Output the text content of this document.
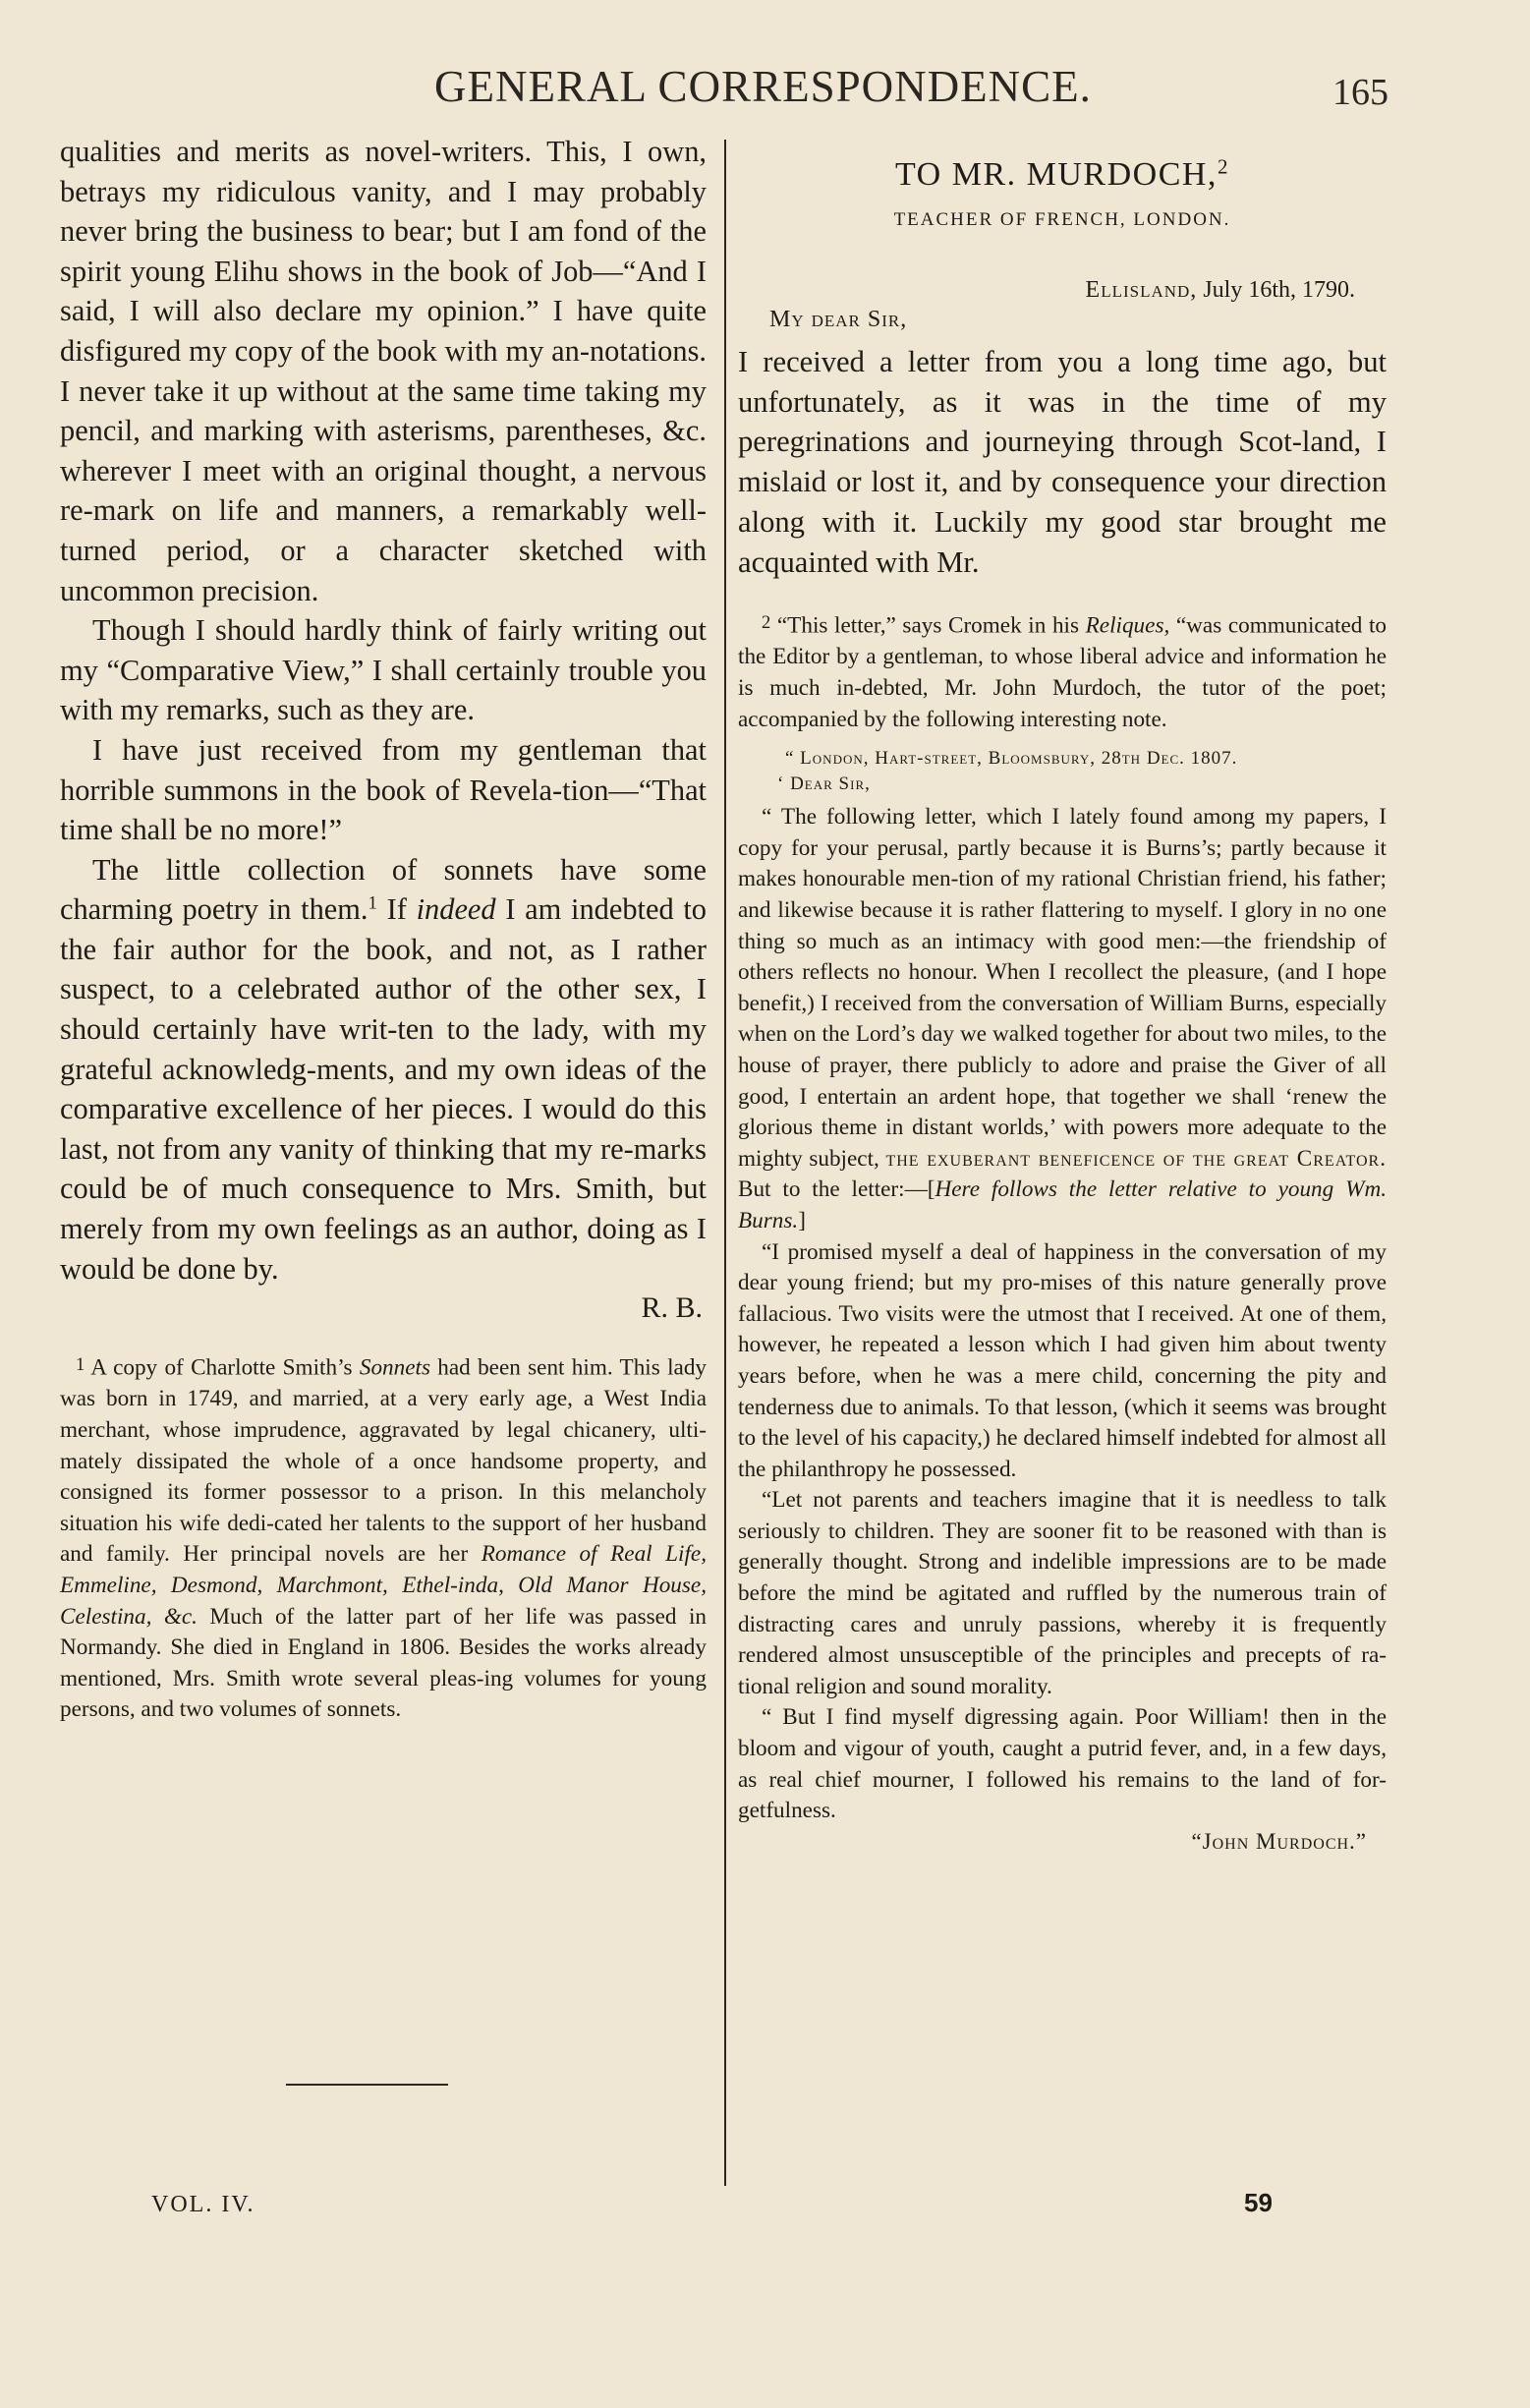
GENERAL CORRESPONDENCE.	165

qualities and merits as novel-writers. This, I own, betrays my ridiculous vanity, and I may probably never bring the business to bear; but I am fond of the spirit young Elihu shows in the book of Job—“And I said, I will also declare my opinion.” I have quite disfigured my copy of the book with my an-notations. I never take it up without at the same time taking my pencil, and marking with asterisms, parentheses, &c. wherever I meet with an original thought, a nervous re-mark on life and manners, a remarkably well-turned period, or a character sketched with uncommon precision.

Though I should hardly think of fairly writing out my “Comparative View,” I shall certainly trouble you with my remarks, such as they are.

I have just received from my gentleman that horrible summons in the book of Revela-tion—“That time shall be no more!”

The little collection of sonnets have some charming poetry in them.$^1$ If indeed I am indebted to the fair author for the book, and not, as I rather suspect, to a celebrated author of the other sex, I should certainly have writ-ten to the lady, with my grateful acknowledg-ments, and my own ideas of the comparative excellence of her pieces. I would do this last, not from any vanity of thinking that my re-marks could be of much consequence to Mrs. Smith, but merely from my own feelings as an author, doing as I would be done by.

R. B.

$^1$ A copy of Charlotte Smith’s Sonnets had been sent him. This lady was born in 1749, and married, at a very early age, a West India merchant, whose imprudence, aggravated by legal chicanery, ulti-mately dissipated the whole of a once handsome property, and consigned its former possessor to a prison. In this melancholy situation his wife dedi-cated her talents to the support of her husband and family. Her principal novels are her Romance of Real Life, Emmeline, Desmond, Marchmont, Ethel-inda, Old Manor House, Celestina, &c. Much of the latter part of her life was passed in Normandy. She died in England in 1806. Besides the works already mentioned, Mrs. Smith wrote several pleas-ing volumes for young persons, and two volumes of sonnets.

VOL. IV.

TO MR. MURDOCH,$^2$

TEACHER OF FRENCH, LONDON.

Ellisland, July 16th, 1790.

My dear Sir,

I received a letter from you a long time ago, but unfortunately, as it was in the time of my peregrinations and journeying through Scot-land, I mislaid or lost it, and by consequence your direction along with it. Luckily my good star brought me acquainted with Mr.

$^2$ “This letter,” says Cromek in his Reliques, “was communicated to the Editor by a gentleman, to whose liberal advice and information he is much in-debted, Mr. John Murdoch, the tutor of the poet; accompanied by the following interesting note.

“ London, Hart-street, Bloomsbury, 28th Dec. 1807.

‘ Dear Sir,

“ The following letter, which I lately found among my papers, I copy for your perusal, partly because it is Burns’s; partly because it makes honourable men-tion of my rational Christian friend, his father; and likewise because it is rather flattering to myself. I glory in no one thing so much as an intimacy with good men:—the friendship of others reflects no honour. When I recollect the pleasure, (and I hope benefit,) I received from the conversation of William Burns, especially when on the Lord’s day we walked together for about two miles, to the house of prayer, there publicly to adore and praise the Giver of all good, I entertain an ardent hope, that together we shall ‘renew the glorious theme in distant worlds,’ with powers more adequate to the mighty subject, the exuberant beneficence of the great Creator. But to the letter:—[Here follows the letter relative to young Wm. Burns.]

“I promised myself a deal of happiness in the conversation of my dear young friend; but my pro-mises of this nature generally prove fallacious. Two visits were the utmost that I received. At one of them, however, he repeated a lesson which I had given him about twenty years before, when he was a mere child, concerning the pity and tenderness due to animals. To that lesson, (which it seems was brought to the level of his capacity,) he declared himself indebted for almost all the philanthropy he possessed.

“Let not parents and teachers imagine that it is needless to talk seriously to children. They are sooner fit to be reasoned with than is generally thought. Strong and indelible impressions are to be made before the mind be agitated and ruffled by the numerous train of distracting cares and unruly passions, whereby it is frequently rendered almost unsusceptible of the principles and precepts of ra-tional religion and sound morality.

“ But I find myself digressing again. Poor William! then in the bloom and vigour of youth, caught a putrid fever, and, in a few days, as real chief mourner, I followed his remains to the land of for-getfulness.

“John Murdoch.”

59
